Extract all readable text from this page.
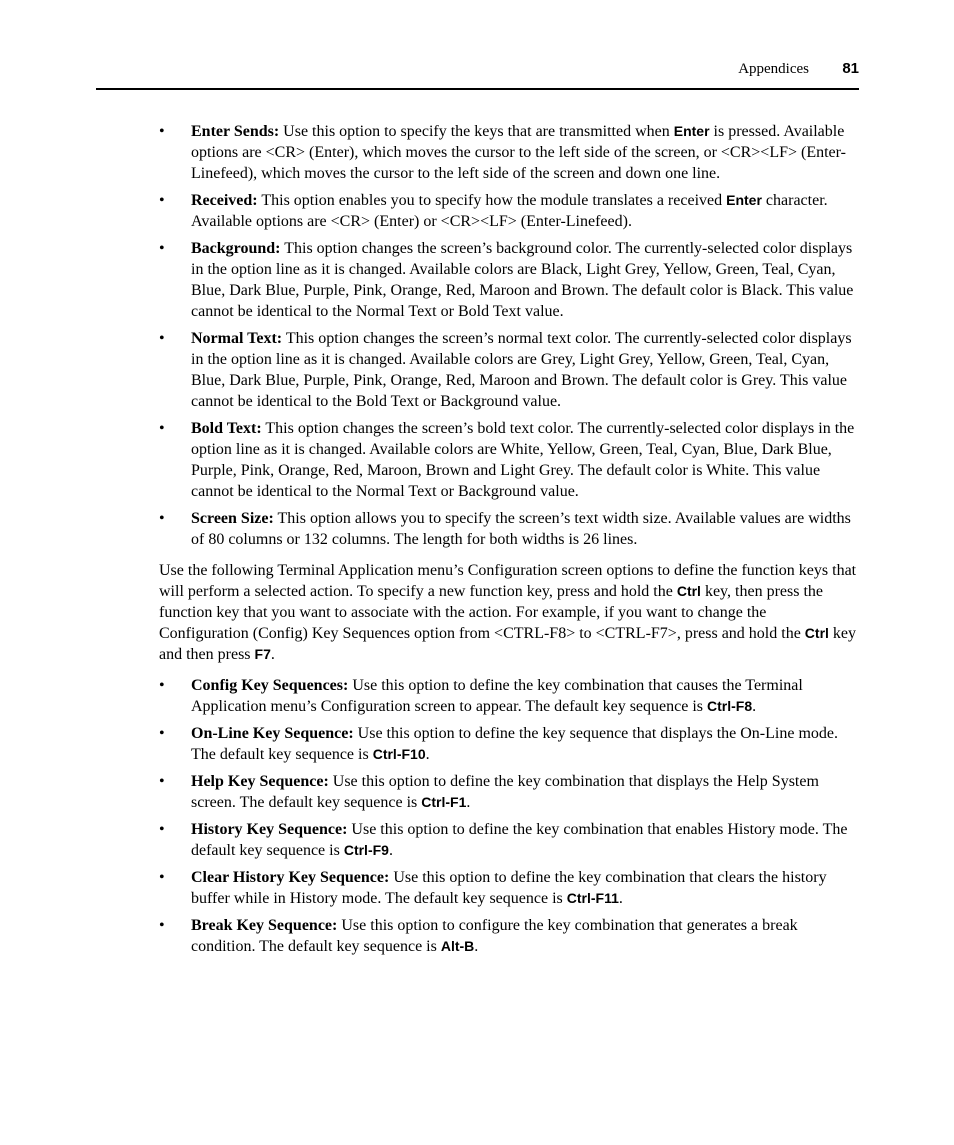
Appendices 81
• Enter Sends: Use this option to specify the keys that are transmitted when Enter is pressed. Available options are <CR> (Enter), which moves the cursor to the left side of the screen, or <CR><LF> (Enter-Linefeed), which moves the cursor to the left side of the screen and down one line.
• Received: This option enables you to specify how the module translates a received Enter character. Available options are <CR> (Enter) or <CR><LF> (Enter-Linefeed).
• Background: This option changes the screen’s background color. The currently-selected color displays in the option line as it is changed. Available colors are Black, Light Grey, Yellow, Green, Teal, Cyan, Blue, Dark Blue, Purple, Pink, Orange, Red, Maroon and Brown. The default color is Black. This value cannot be identical to the Normal Text or Bold Text value.
• Normal Text: This option changes the screen’s normal text color. The currently-selected color displays in the option line as it is changed. Available colors are Grey, Light Grey, Yellow, Green, Teal, Cyan, Blue, Dark Blue, Purple, Pink, Orange, Red, Maroon and Brown. The default color is Grey. This value cannot be identical to the Bold Text or Background value.
• Bold Text: This option changes the screen’s bold text color. The currently-selected color displays in the option line as it is changed. Available colors are White, Yellow, Green, Teal, Cyan, Blue, Dark Blue, Purple, Pink, Orange, Red, Maroon, Brown and Light Grey. The default color is White. This value cannot be identical to the Normal Text or Background value.
• Screen Size: This option allows you to specify the screen’s text width size. Available values are widths of 80 columns or 132 columns. The length for both widths is 26 lines.

Use the following Terminal Application menu’s Configuration screen options to define the function keys that will perform a selected action. To specify a new function key, press and hold the Ctrl key, then press the function key that you want to associate with the action. For example, if you want to change the Configuration (Config) Key Sequences option from <CTRL-F8> to <CTRL-F7>, press and hold the Ctrl key and then press F7.

• Config Key Sequences: Use this option to define the key combination that causes the Terminal Application menu’s Configuration screen to appear. The default key sequence is Ctrl-F8.
• On-Line Key Sequence: Use this option to define the key sequence that displays the On-Line mode. The default key sequence is Ctrl-F10.
• Help Key Sequence: Use this option to define the key combination that displays the Help System screen. The default key sequence is Ctrl-F1.
• History Key Sequence: Use this option to define the key combination that enables History mode. The default key sequence is Ctrl-F9.
• Clear History Key Sequence: Use this option to define the key combination that clears the history buffer while in History mode. The default key sequence is Ctrl-F11.
• Break Key Sequence: Use this option to configure the key combination that generates a break condition. The default key sequence is Alt-B.
